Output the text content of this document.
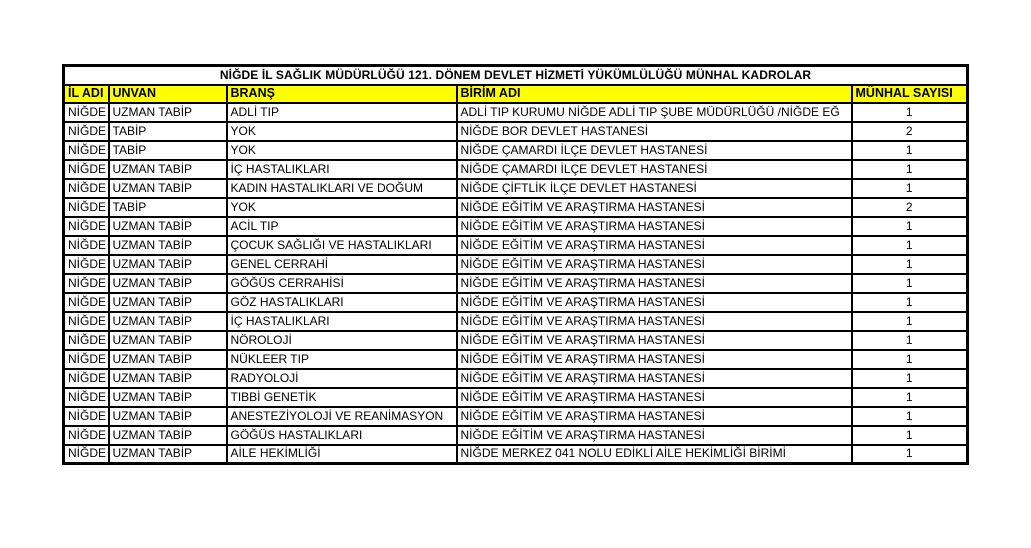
NİĞDE İL SAĞLIK MÜDÜRLÜĞÜ 121. DÖNEM DEVLET HİZMETİ YÜKÜMLÜLÜĞÜ MÜNHAL KADROLAR				
İL ADI	UNVAN	BRANŞ	BİRİM ADI	MÜNHAL SAYISI
NİĞDE	UZMAN TABİP	ADLİ TIP	ADLİ TIP KURUMU NİĞDE ADLİ TIP ŞUBE MÜDÜRLÜĞÜ /NİĞDE EĞ	1
NİĞDE	TABİP	YOK	NİĞDE BOR DEVLET HASTANESİ	2
NİĞDE	TABİP	YOK	NİĞDE ÇAMARDI İLÇE DEVLET HASTANESİ	1
NİĞDE	UZMAN TABİP	İÇ HASTALIKLARI	NİĞDE ÇAMARDI İLÇE DEVLET HASTANESİ	1
NİĞDE	UZMAN TABİP	KADIN HASTALIKLARI VE DOĞUM	NİĞDE ÇİFTLİK İLÇE DEVLET HASTANESİ	1
NİĞDE	TABİP	YOK	NİĞDE EĞİTİM VE ARAŞTIRMA HASTANESİ	2
NİĞDE	UZMAN TABİP	ACİL TIP	NİĞDE EĞİTİM VE ARAŞTIRMA HASTANESİ	1
NİĞDE	UZMAN TABİP	ÇOCUK SAĞLIĞI VE HASTALIKLARI	NİĞDE EĞİTİM VE ARAŞTIRMA HASTANESİ	1
NİĞDE	UZMAN TABİP	GENEL CERRAHİ	NİĞDE EĞİTİM VE ARAŞTIRMA HASTANESİ	1
NİĞDE	UZMAN TABİP	GÖĞÜS CERRAHİSİ	NİĞDE EĞİTİM VE ARAŞTIRMA HASTANESİ	1
NİĞDE	UZMAN TABİP	GÖZ HASTALIKLARI	NİĞDE EĞİTİM VE ARAŞTIRMA HASTANESİ	1
NİĞDE	UZMAN TABİP	İÇ HASTALIKLARI	NİĞDE EĞİTİM VE ARAŞTIRMA HASTANESİ	1
NİĞDE	UZMAN TABİP	NÖROLOJİ	NİĞDE EĞİTİM VE ARAŞTIRMA HASTANESİ	1
NİĞDE	UZMAN TABİP	NÜKLEER TIP	NİĞDE EĞİTİM VE ARAŞTIRMA HASTANESİ	1
NİĞDE	UZMAN TABİP	RADYOLOJİ	NİĞDE EĞİTİM VE ARAŞTIRMA HASTANESİ	1
NİĞDE	UZMAN TABİP	TIBBİ GENETİK	NİĞDE EĞİTİM VE ARAŞTIRMA HASTANESİ	1
NİĞDE	UZMAN TABİP	ANESTEZİYOLOJİ VE REANİMASYON	NİĞDE EĞİTİM VE ARAŞTIRMA HASTANESİ	1
NİĞDE	UZMAN TABİP	GÖĞÜS HASTALIKLARI	NİĞDE EĞİTİM VE ARAŞTIRMA HASTANESİ	1
NİĞDE	UZMAN TABİP	AİLE HEKİMLİĞİ	NİĞDE MERKEZ 041 NOLU EDİKLİ AİLE HEKİMLİĞİ BİRİMİ	1
